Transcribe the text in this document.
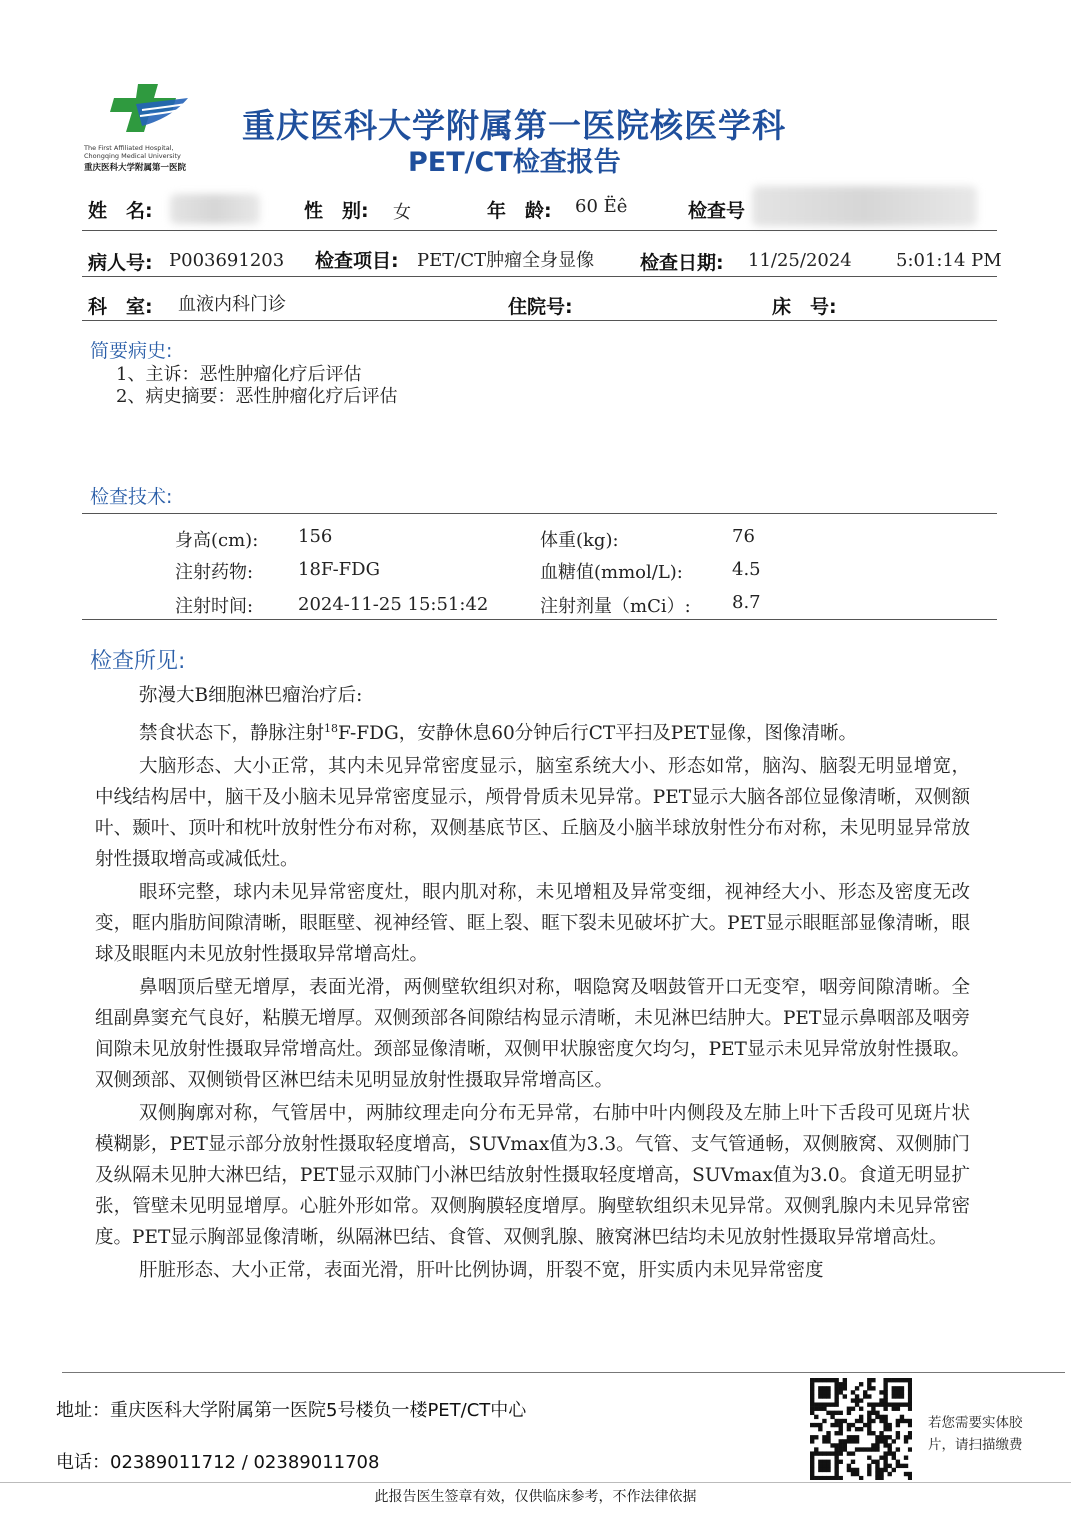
The First Affiliated Hospital,
Chongqing Medical University
重庆医科大学附属第一医院
重庆医科大学附属第一医院核医学科
PET/CT检查报告
姓　名:	性　别: 女	年　龄: 60 Ëê	检查号
病人号: P003691203 检查项目: PET/CT肿瘤全身显像 检查日期: 11/25/2024 5:01:14 PM
科　室: 血液内科门诊	住院号:	床　号:
简要病史:
1、主诉：恶性肿瘤化疗后评估
2、病史摘要：恶性肿瘤化疗后评估
检查技术:
身高(cm): 156	体重(kg):	76
注射药物: 18F-FDG	血糖值(mmol/L):	4.5
注射时间: 2024-11-25 15:51:42	注射剂量（mCi）: 8.7
检查所见:

弥漫大B细胞淋巴瘤治疗后:

禁食状态下，静脉注射$^{18}$F-FDG，安静休息60分钟后行CT平扫及PET显像，图像清晰。

大脑形态、大小正常，其内未见异常密度显示，脑室系统大小、形态如常，脑沟、脑裂无明显增宽，中线结构居中，脑干及小脑未见异常密度显示，颅骨骨质未见异常。PET显示大脑各部位显像清晰，双侧额叶、颞叶、顶叶和枕叶放射性分布对称，双侧基底节区、丘脑及小脑半球放射性分布对称，未见明显异常放射性摄取增高或减低灶。

眼环完整，球内未见异常密度灶，眼内肌对称，未见增粗及异常变细，视神经大小、形态及密度无改变，眶内脂肪间隙清晰，眼眶壁、视神经管、眶上裂、眶下裂未见破坏扩大。PET显示眼眶部显像清晰，眼球及眼眶内未见放射性摄取异常增高灶。

鼻咽顶后壁无增厚，表面光滑，两侧壁软组织对称，咽隐窝及咽鼓管开口无变窄，咽旁间隙清晰。全组副鼻窦充气良好，粘膜无增厚。双侧颈部各间隙结构显示清晰，未见淋巴结肿大。PET显示鼻咽部及咽旁间隙未见放射性摄取异常增高灶。颈部显像清晰，双侧甲状腺密度欠均匀，PET显示未见异常放射性摄取。双侧颈部、双侧锁骨区淋巴结未见明显放射性摄取异常增高区。

双侧胸廓对称，气管居中，两肺纹理走向分布无异常，右肺中叶内侧段及左肺上叶下舌段可见斑片状模糊影，PET显示部分放射性摄取轻度增高，SUVmax值为3.3。气管、支气管通畅，双侧腋窝、双侧肺门及纵隔未见肿大淋巴结，PET显示双肺门小淋巴结放射性摄取轻度增高，SUVmax值为3.0。食道无明显扩张，管壁未见明显增厚。心脏外形如常。双侧胸膜轻度增厚。胸壁软组织未见异常。双侧乳腺内未见异常密度。PET显示胸部显像清晰，纵隔淋巴结、食管、双侧乳腺、腋窝淋巴结均未见放射性摄取异常增高灶。

肝脏形态、大小正常，表面光滑，肝叶比例协调，肝裂不宽，肝实质内未见异常密度

地址：重庆医科大学附属第一医院5号楼负一楼PET/CT中心
电话：02389011712 / 02389011708
若您需要实体胶片，请扫描缴费
此报告医生签章有效，仅供临床参考，不作法律依据
